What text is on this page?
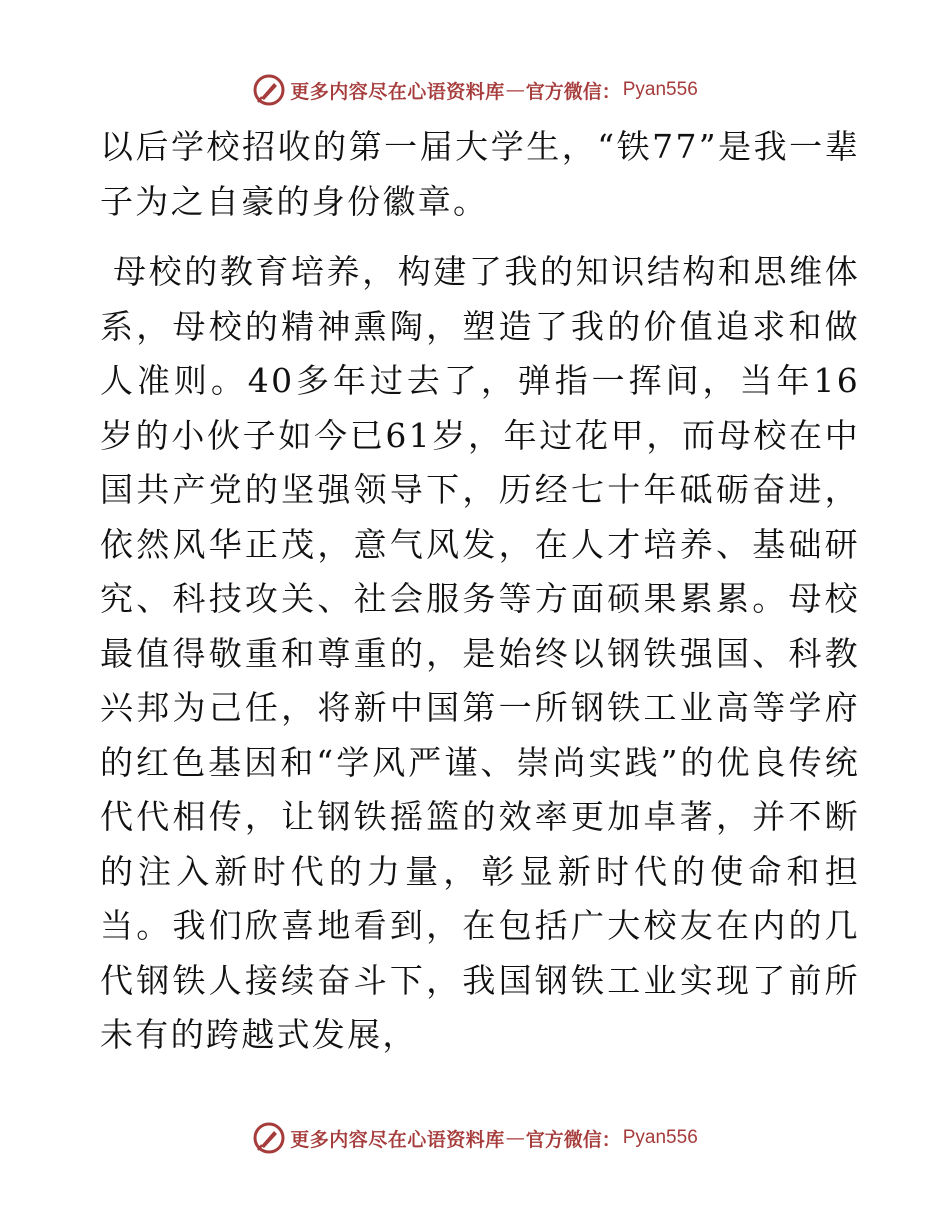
更多内容尽在心语资料库 — 官方微信： Pyan556

以后学校招收的第一届大学生，“铁77”是我一辈子为之自豪的身份徽章。

母校的教育培养，构建了我的知识结构和思维体系，母校的精神熏陶，塑造了我的价值追求和做人准则。40多年过去了，弹指一挥间，当年16岁的小伙子如今已61岁，年过花甲，而母校在中国共产党的坚强领导下，历经七十年砥砺奋进，依然风华正茂，意气风发，在人才培养、基础研究、科技攻关、社会服务等方面硕果累累。母校最值得敬重和尊重的，是始终以钢铁强国、科教兴邦为己任，将新中国第一所钢铁工业高等学府的红色基因和“学风严谨、崇尚实践”的优良传统代代相传，让钢铁摇篮的效率更加卓著，并不断的注入新时代的力量，彰显新时代的使命和担当。我们欣喜地看到，在包括广大校友在内的几代钢铁人接续奋斗下，我国钢铁工业实现了前所未有的跨越式发展，

更多内容尽在心语资料库 — 官方微信： Pyan556
